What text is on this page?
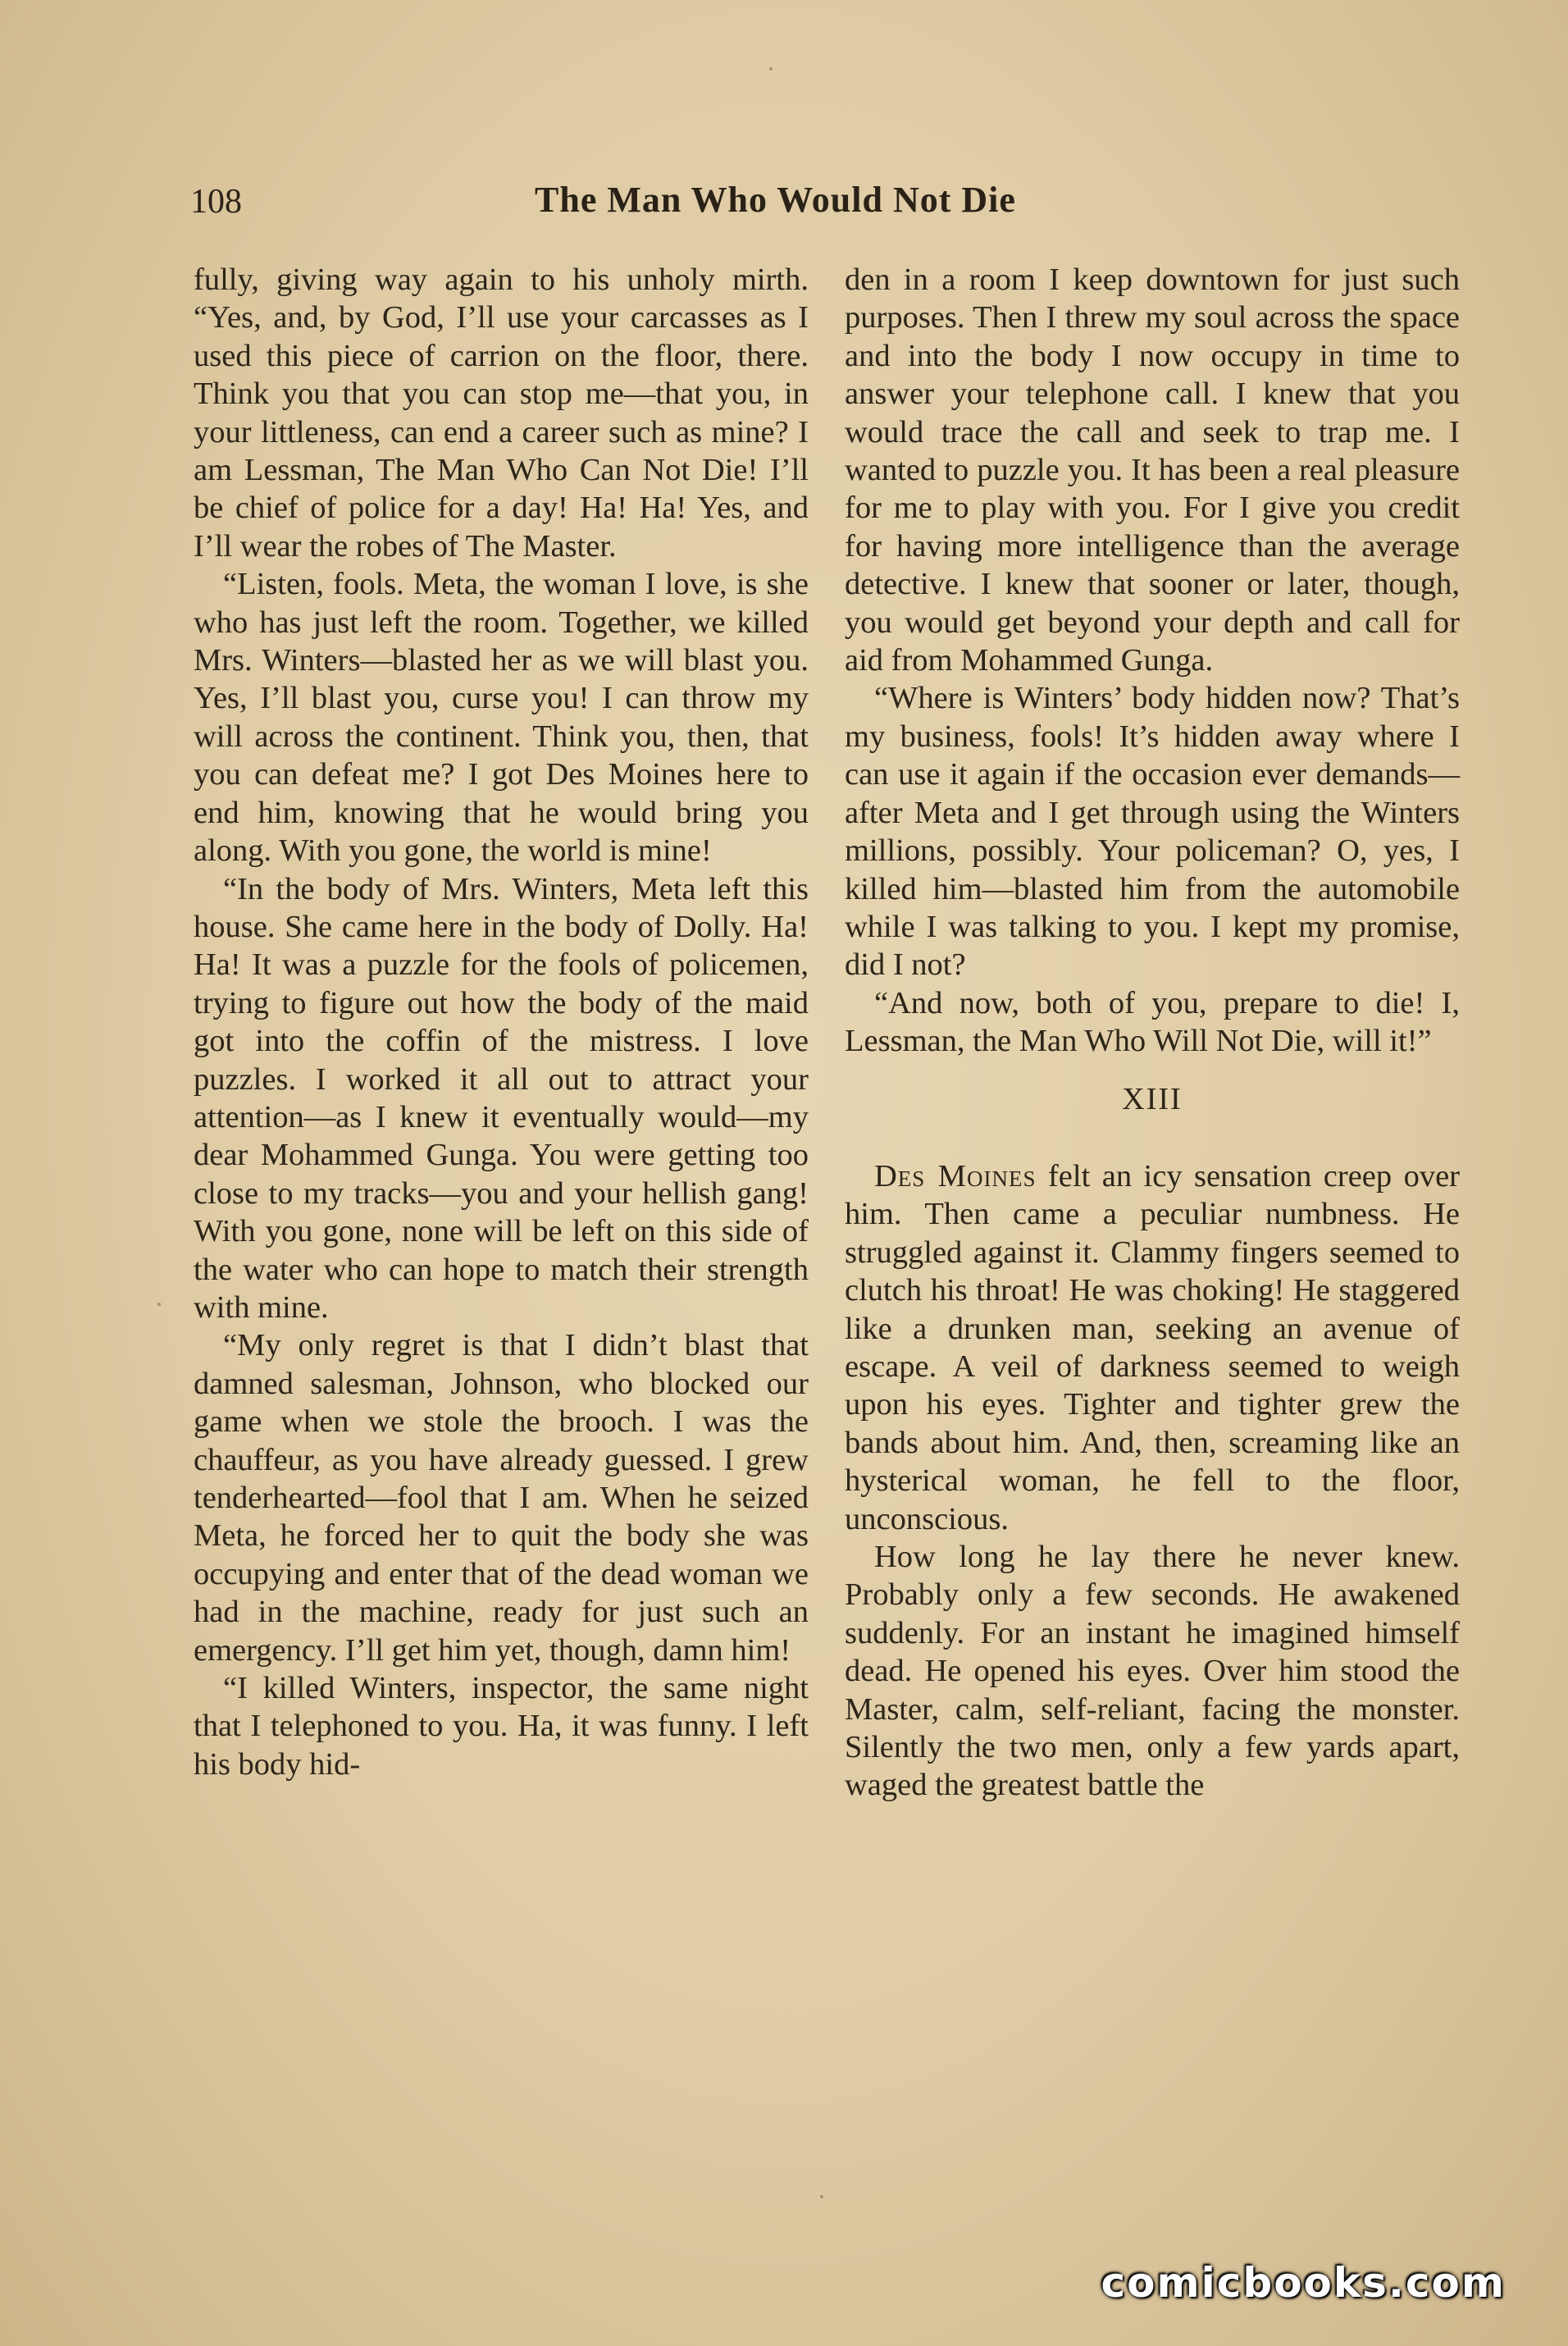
108	The Man Who Would Not Die

fully, giving way again to his unholy mirth. “Yes, and, by God, I’ll use your carcasses as I used this piece of carrion on the floor, there. Think you that you can stop me—that you, in your littleness, can end a career such as mine? I am Lessman, The Man Who Can Not Die! I’ll be chief of police for a day! Ha! Ha! Yes, and I’ll wear the robes of The Master.

“Listen, fools. Meta, the woman I love, is she who has just left the room. Together, we killed Mrs. Winters—blasted her as we will blast you. Yes, I’ll blast you, curse you! I can throw my will across the continent. Think you, then, that you can defeat me? I got Des Moines here to end him, knowing that he would bring you along. With you gone, the world is mine!

“In the body of Mrs. Winters, Meta left this house. She came here in the body of Dolly. Ha! Ha! It was a puzzle for the fools of policemen, trying to figure out how the body of the maid got into the coffin of the mistress. I love puzzles. I worked it all out to attract your attention—as I knew it eventually would—my dear Mohammed Gunga. You were getting too close to my tracks—you and your hellish gang! With you gone, none will be left on this side of the water who can hope to match their strength with mine.

“My only regret is that I didn’t blast that damned salesman, Johnson, who blocked our game when we stole the brooch. I was the chauffeur, as you have already guessed. I grew tenderhearted—fool that I am. When he seized Meta, he forced her to quit the body she was occupying and enter that of the dead woman we had in the machine, ready for just such an emergency. I’ll get him yet, though, damn him!

“I killed Winters, inspector, the same night that I telephoned to you. Ha, it was funny. I left his body hid-

den in a room I keep downtown for just such purposes. Then I threw my soul across the space and into the body I now occupy in time to answer your telephone call. I knew that you would trace the call and seek to trap me. I wanted to puzzle you. It has been a real pleasure for me to play with you. For I give you credit for having more intelligence than the average detective. I knew that sooner or later, though, you would get beyond your depth and call for aid from Mohammed Gunga.

“Where is Winters’ body hidden now? That’s my business, fools! It’s hidden away where I can use it again if the occasion ever demands—after Meta and I get through using the Winters millions, possibly. Your policeman? O, yes, I killed him—blasted him from the automobile while I was talking to you. I kept my promise, did I not?

“And now, both of you, prepare to die! I, Lessman, the Man Who Will Not Die, will it!”

XIII

Des Moines felt an icy sensation creep over him. Then came a peculiar numbness. He struggled against it. Clammy fingers seemed to clutch his throat! He was choking! He staggered like a drunken man, seeking an avenue of escape. A veil of darkness seemed to weigh upon his eyes. Tighter and tighter grew the bands about him. And, then, screaming like an hysterical woman, he fell to the floor, unconscious.

How long he lay there he never knew. Probably only a few seconds. He awakened suddenly. For an instant he imagined himself dead. He opened his eyes. Over him stood the Master, calm, self-reliant, facing the monster. Silently the two men, only a few yards apart, waged the greatest battle the

comicbooks.com
